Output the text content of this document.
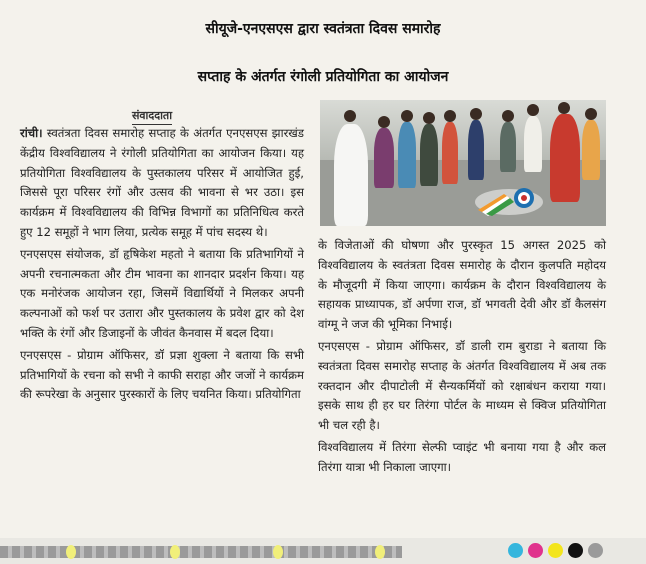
सीयूजे-एनएसएस द्वारा स्वतंत्रता दिवस समारोह
सप्ताह के अंतर्गत रंगोली प्रतियोगिता का आयोजन
संवाददाता

रांची। स्वतंत्रता दिवस समारोह सप्ताह के अंतर्गत एनएसएस झारखंड केंद्रीय विश्वविद्यालय ने रंगोली प्रतियोगिता का आयोजन किया। यह प्रतियोगिता विश्वविद्यालय के पुस्तकालय परिसर में आयोजित हुई, जिससे पूरा परिसर रंगों और उत्सव की भावना से भर उठा। इस कार्यक्रम में विश्वविद्यालय की विभिन्न विभागों का प्रतिनिधित्व करते हुए 12 समूहों ने भाग लिया, प्रत्येक समूह में पांच सदस्य थे।

एनएसएस संयोजक, डॉ हृषिकेश महतो ने बताया कि प्रतिभागियों ने अपनी रचनात्मकता और टीम भावना का शानदार प्रदर्शन किया। यह एक मनोरंजक आयोजन रहा, जिसमें विद्यार्थियों ने मिलकर अपनी कल्पनाओं को फर्श पर उतारा और पुस्तकालय के प्रवेश द्वार को देश भक्ति के रंगों और डिजाइनों के जीवंत कैनवास में बदल दिया।

एनएसएस - प्रोग्राम ऑफिसर, डॉ प्रज्ञा शुक्ला ने बताया कि सभी प्रतिभागियों के रचना को सभी ने काफी सराहा और जजों ने कार्यक्रम की रूपरेखा के अनुसार पुरस्कारों के लिए चयनित किया। प्रतियोगिता

के विजेताओं की घोषणा और पुरस्कृत 15 अगस्त 2025 को विश्वविद्यालय के स्वतंत्रता दिवस समारोह के दौरान कुलपति महोदय के मौजूदगी में किया जाएगा। कार्यक्रम के दौरान विश्वविद्यालय के सहायक प्राध्यापक, डॉ अर्पणा राज, डॉ भगवती देवी और डॉ कैलसंग वांग्मू ने जज की भूमिका निभाई।

एनएसएस - प्रोग्राम ऑफिसर, डॉ डाली राम बुराडा ने बताया कि स्वतंत्रता दिवस समारोह सप्ताह के अंतर्गत विश्वविद्यालय में अब तक रक्तदान और दीपाटोली में सैन्यकर्मियों को रक्षाबंधन कराया गया। इसके साथ ही हर घर तिरंगा पोर्टल के माध्यम से क्विज प्रतियोगिता भी चल रही है।

विश्वविद्यालय में तिरंगा सेल्फी प्वाइंट भी बनाया गया है और कल तिरंगा यात्रा भी निकाला जाएगा।
